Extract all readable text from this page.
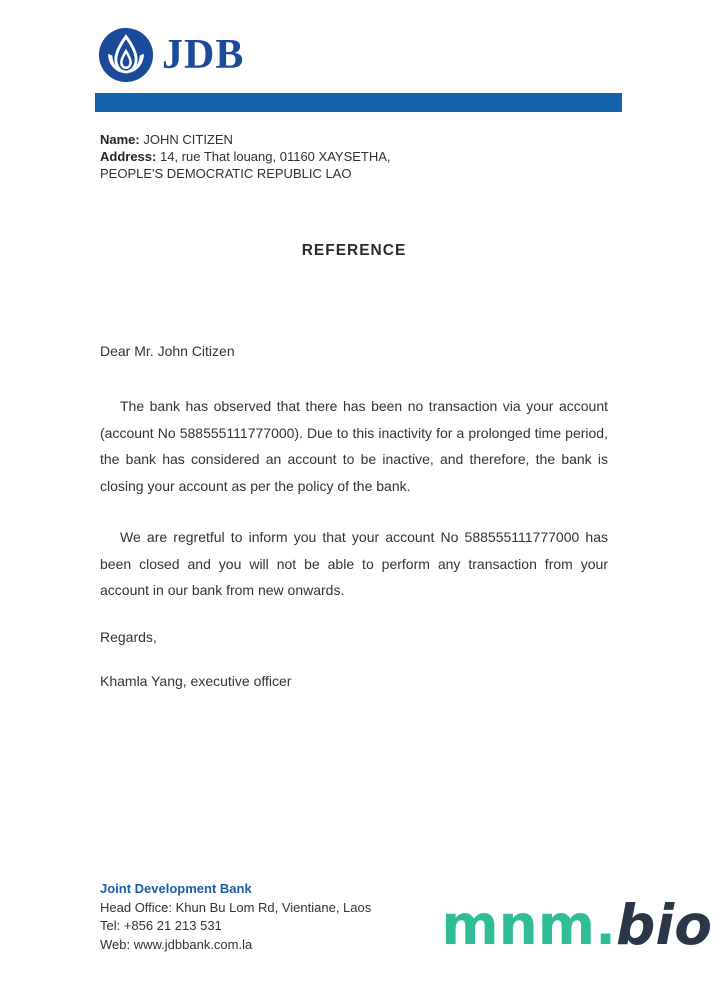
JDB
Name: JOHN CITIZEN
Address: 14, rue That louang, 01160 XAYSETHA,
PEOPLE'S DEMOCRATIC REPUBLIC LAO
REFERENCE

Dear Mr. John Citizen

The bank has observed that there has been no transaction via your account (account No 588555111777000). Due to this inactivity for a prolonged time period, the bank has considered an account to be inactive, and therefore, the bank is closing your account as per the policy of the bank.

We are regretful to inform you that your account No 588555111777000 has been closed and you will not be able to perform any transaction from your account in our bank from new onwards.

Regards,

Khamla Yang, executive officer

Joint Development Bank
Head Office: Khun Bu Lom Rd, Vientiane, Laos
Tel: +856 21 213 531
Web: www.jdbbank.com.la	mnm.bio
